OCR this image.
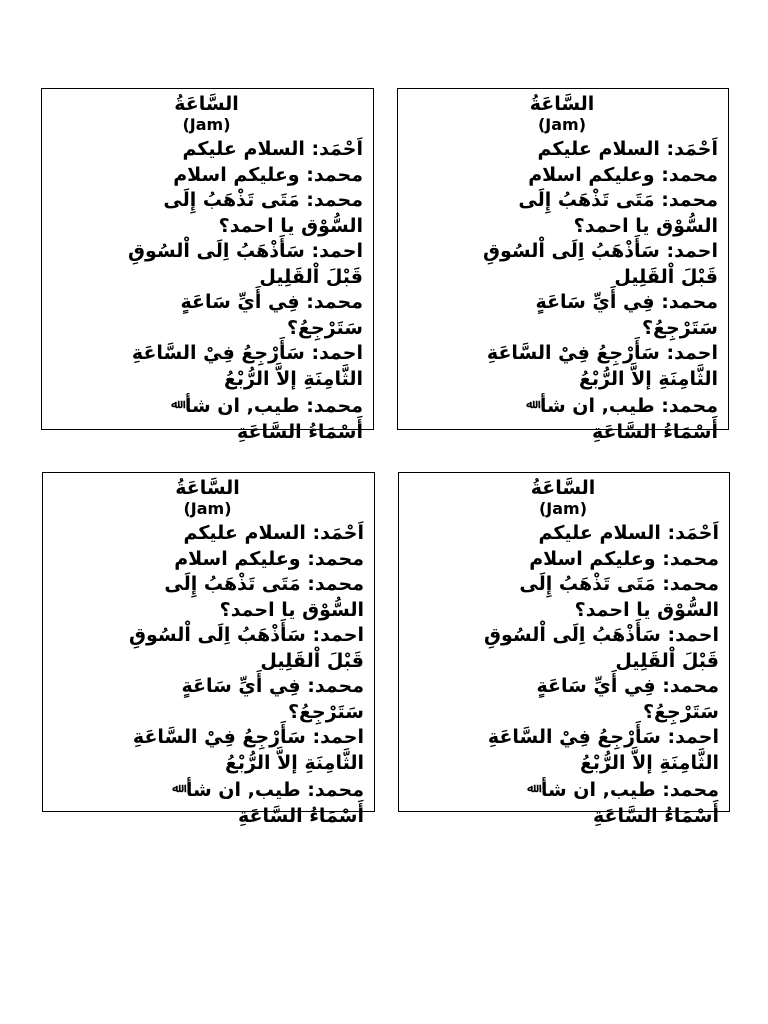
السَّاعَةُ
(Jam)
اَحْمَد: السلام عليكم
محمد: وعليكم اسلام
محمد: مَتَى تَذْهَبُ إِلَى
السُّوْق يا احمد؟
احمد: سَأَذْهَبُ اِلَى اْلسُوقِ
قَبْلَ اْلقَلِيل
محمد: فِي أَيِّ سَاعَةٍ
سَتَرْجِعُ؟
احمد: سَأَرْجِعُ فِيْ السَّاعَةِ
الثَّامِنَةِ إلاَّ الرُّبْعُ
محمد: طيب, ان شأ $^ﷲ$
أَسْمَاءُ السَّاعَةِ
السَّاعَةُ
(Jam)
اَحْمَد: السلام عليكم
محمد: وعليكم اسلام
محمد: مَتَى تَذْهَبُ إِلَى
السُّوْق يا احمد؟
احمد: سَأَذْهَبُ اِلَى اْلسُوقِ
قَبْلَ اْلقَلِيل
محمد: فِي أَيِّ سَاعَةٍ
سَتَرْجِعُ؟
احمد: سَأَرْجِعُ فِيْ السَّاعَةِ
الثَّامِنَةِ إلاَّ الرُّبْعُ
محمد: طيب, ان شأ $^ﷲ$
أَسْمَاءُ السَّاعَةِ
السَّاعَةُ
(Jam)
اَحْمَد: السلام عليكم
محمد: وعليكم اسلام
محمد: مَتَى تَذْهَبُ إِلَى
السُّوْق يا احمد؟
احمد: سَأَذْهَبُ اِلَى اْلسُوقِ
قَبْلَ اْلقَلِيل
محمد: فِي أَيِّ سَاعَةٍ
سَتَرْجِعُ؟
احمد: سَأَرْجِعُ فِيْ السَّاعَةِ
الثَّامِنَةِ إلاَّ الرُّبْعُ
محمد: طيب, ان شأ $^ﷲ$
أَسْمَاءُ السَّاعَةِ
السَّاعَةُ
(Jam)
اَحْمَد: السلام عليكم
محمد: وعليكم اسلام
محمد: مَتَى تَذْهَبُ إِلَى
السُّوْق يا احمد؟
احمد: سَأَذْهَبُ اِلَى اْلسُوقِ
قَبْلَ اْلقَلِيل
محمد: فِي أَيِّ سَاعَةٍ
سَتَرْجِعُ؟
احمد: سَأَرْجِعُ فِيْ السَّاعَةِ
الثَّامِنَةِ إلاَّ الرُّبْعُ
محمد: طيب, ان شأ $^ﷲ$
أَسْمَاءُ السَّاعَةِ
